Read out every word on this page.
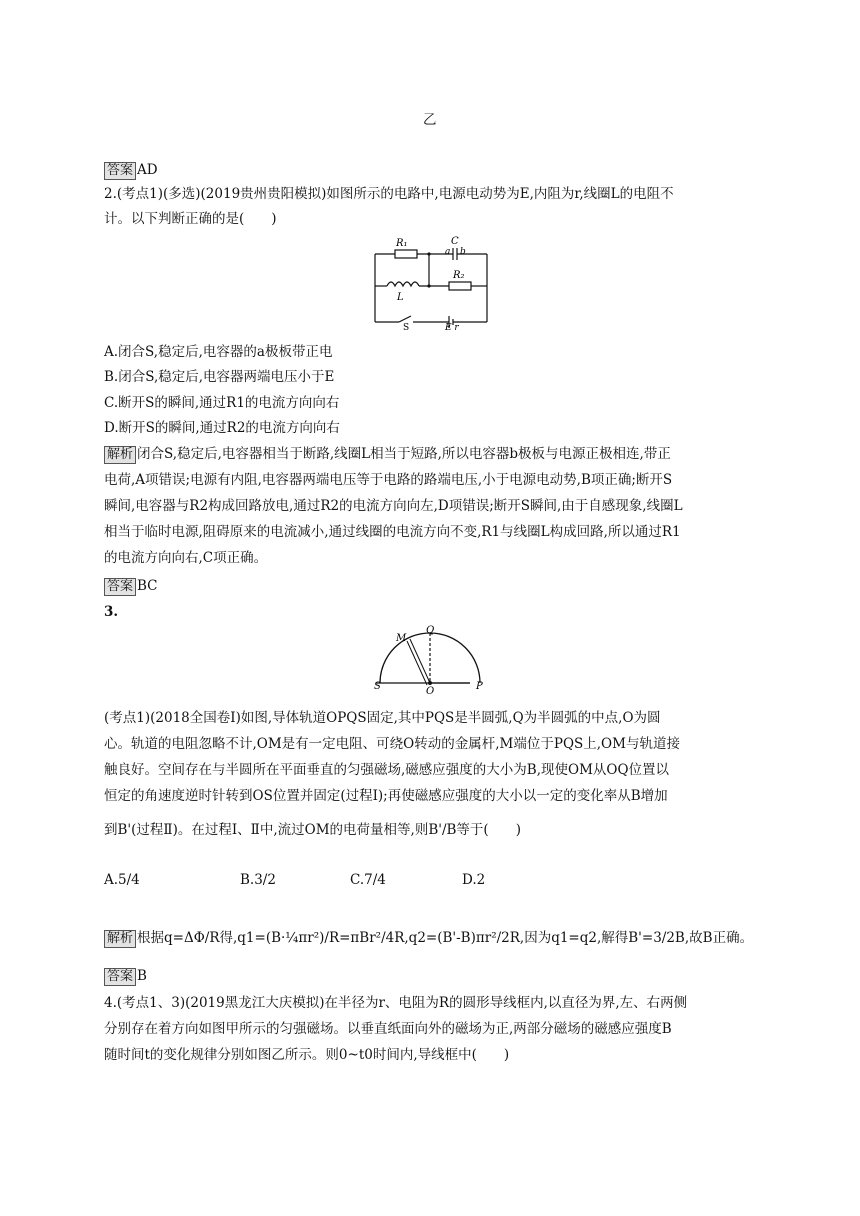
乙
答案 AD
2.(考点1)(多选)(2019贵州贵阳模拟)如图所示的电路中,电源电动势为E,内阻为r,线圈L的电阻不
计。以下判断正确的是(　　)
R₁	C
a b
R₂
L
S	E r
A.闭合S,稳定后,电容器的a极板带正电
B.闭合S,稳定后,电容器两端电压小于E
C.断开S的瞬间,通过R1的电流方向向右
D.断开S的瞬间,通过R2的电流方向向右
解析 闭合S,稳定后,电容器相当于断路,线圈L相当于短路,所以电容器b极板与电源正极相连,带正
电荷,A项错误;电源有内阻,电容器两端电压等于电路的路端电压,小于电源电动势,B项正确;断开S
瞬间,电容器与R2构成回路放电,通过R2的电流方向向左,D项错误;断开S瞬间,由于自感现象,线圈L
相当于临时电源,阻碍原来的电流减小,通过线圈的电流方向不变,R1与线圈L构成回路,所以通过R1
的电流方向向右,C项正确。
答案 BC
3.
M
Q
S	O	P
(考点1)(2018全国卷Ⅰ)如图,导体轨道OPQS固定,其中PQS是半圆弧,Q为半圆弧的中点,O为圆
心。轨道的电阻忽略不计,OM是有一定电阻、可绕O转动的金属杆,M端位于PQS上,OM与轨道接
触良好。空间存在与半圆所在平面垂直的匀强磁场,磁感应强度的大小为B,现使OM从OQ位置以
恒定的角速度逆时针转到OS位置并固定(过程Ⅰ);再使磁感应强度的大小以一定的变化率从B增加
到B'(过程Ⅱ)。在过程Ⅰ、Ⅱ中,流过OM的电荷量相等,则B'/B等于(　　)
A.5/4	B.3/2	C.7/4	D.2
解析 根据q=ΔΦ/R得,q1=(B·¼πr²)/R=πBr²/4R,q2=(B'-B)πr²/2R,因为q1=q2,解得B'=3/2B,故B正确。
答案 B
4.(考点1、3)(2019黑龙江大庆模拟)在半径为r、电阻为R的圆形导线框内,以直径为界,左、右两侧
分别存在着方向如图甲所示的匀强磁场。以垂直纸面向外的磁场为正,两部分磁场的磁感应强度B
随时间t的变化规律分别如图乙所示。则0~t0时间内,导线框中(　　)
